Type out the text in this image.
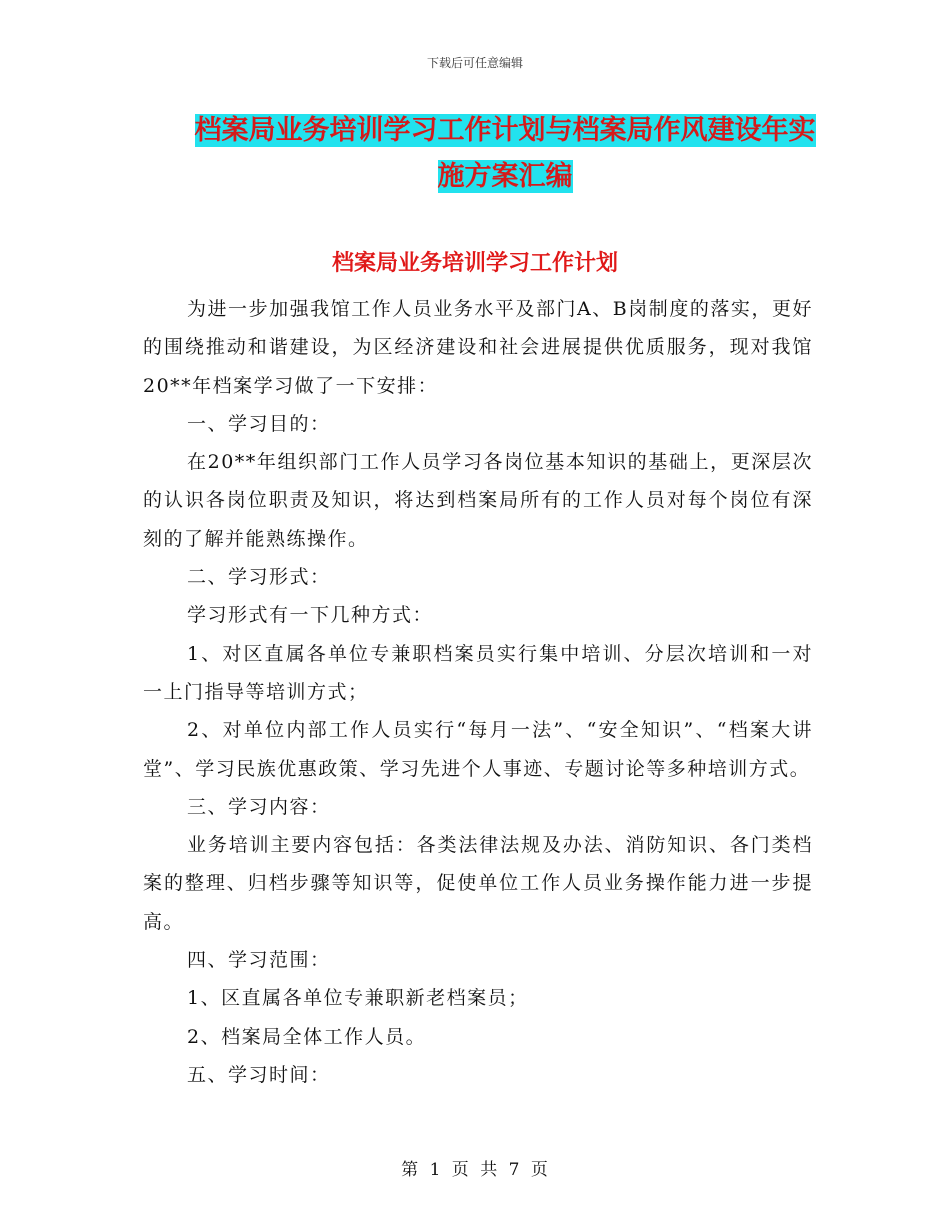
下载后可任意编辑
档案局业务培训学习工作计划与档案局作风建设年实施方案汇编
档案局业务培训学习工作计划

为进一步加强我馆工作人员业务水平及部门A、B岗制度的落实，更好的围绕推动和谐建设，为区经济建设和社会进展提供优质服务，现对我馆20**年档案学习做了一下安排：

一、学习目的：

在20**年组织部门工作人员学习各岗位基本知识的基础上，更深层次的认识各岗位职责及知识，将达到档案局所有的工作人员对每个岗位有深刻的了解并能熟练操作。

二、学习形式：

学习形式有一下几种方式：

1、对区直属各单位专兼职档案员实行集中培训、分层次培训和一对一上门指导等培训方式；

2、对单位内部工作人员实行“每月一法”、“安全知识”、“档案大讲堂”、学习民族优惠政策、学习先进个人事迹、专题讨论等多种培训方式。

三、学习内容：

业务培训主要内容包括：各类法律法规及办法、消防知识、各门类档案的整理、归档步骤等知识等，促使单位工作人员业务操作能力进一步提高。

四、学习范围：

1、区直属各单位专兼职新老档案员；

2、档案局全体工作人员。

五、学习时间：

第 1 页 共 7 页
